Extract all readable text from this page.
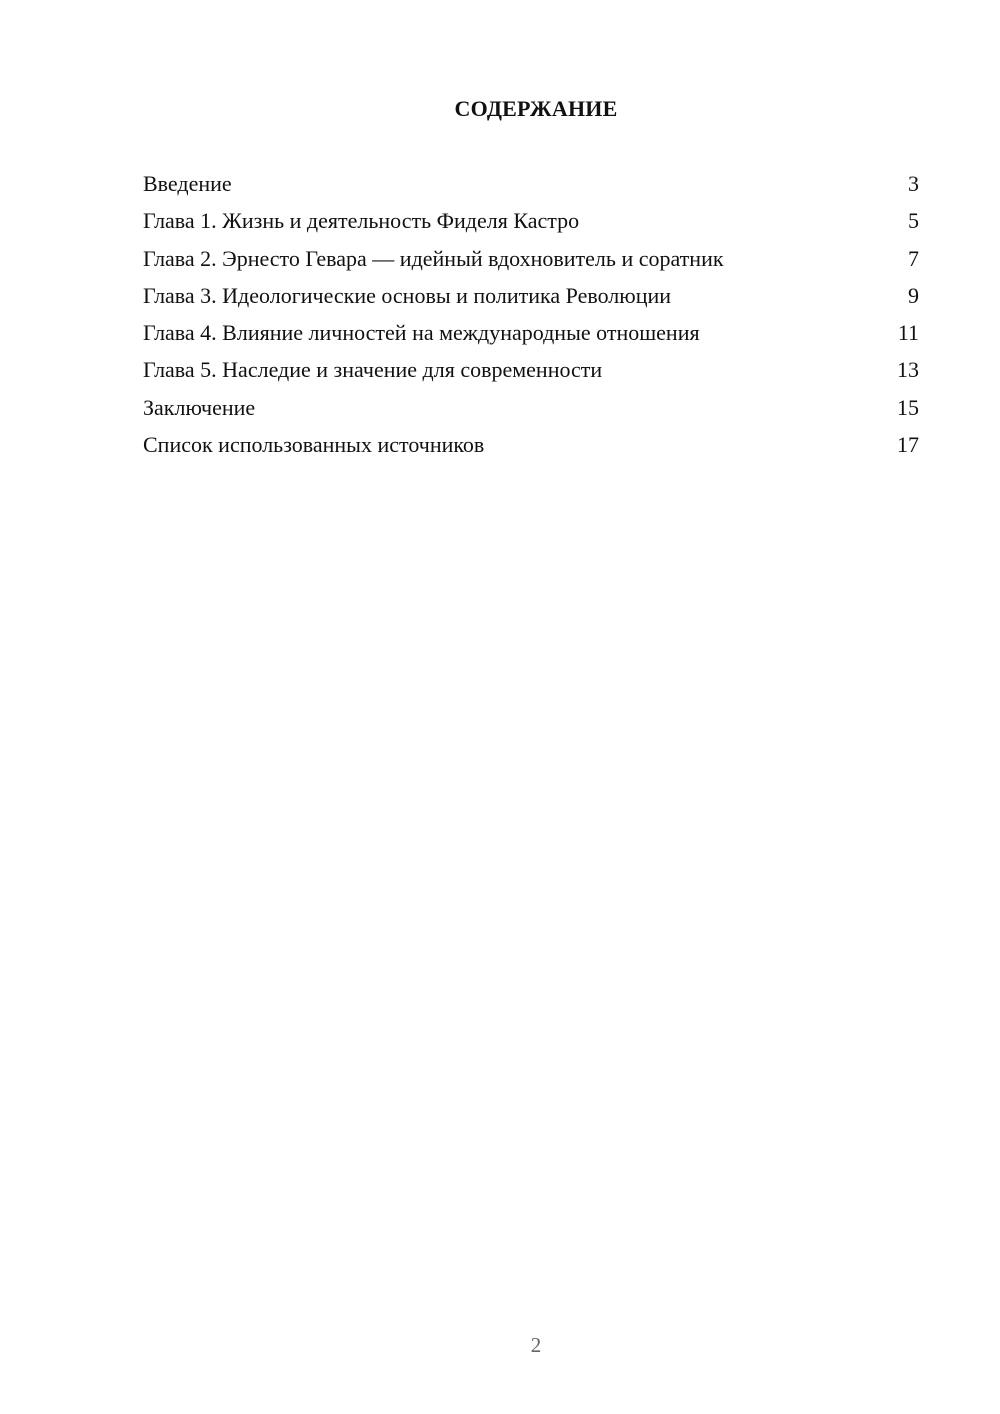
СОДЕРЖАНИЕ
Введение	3
Глава 1. Жизнь и деятельность Фиделя Кастро	5
Глава 2. Эрнесто Гевара — идейный вдохновитель и соратник	7
Глава 3. Идеологические основы и политика Революции	9
Глава 4. Влияние личностей на международные отношения	11
Глава 5. Наследие и значение для современности	13
Заключение	15
Список использованных источников	17
2
